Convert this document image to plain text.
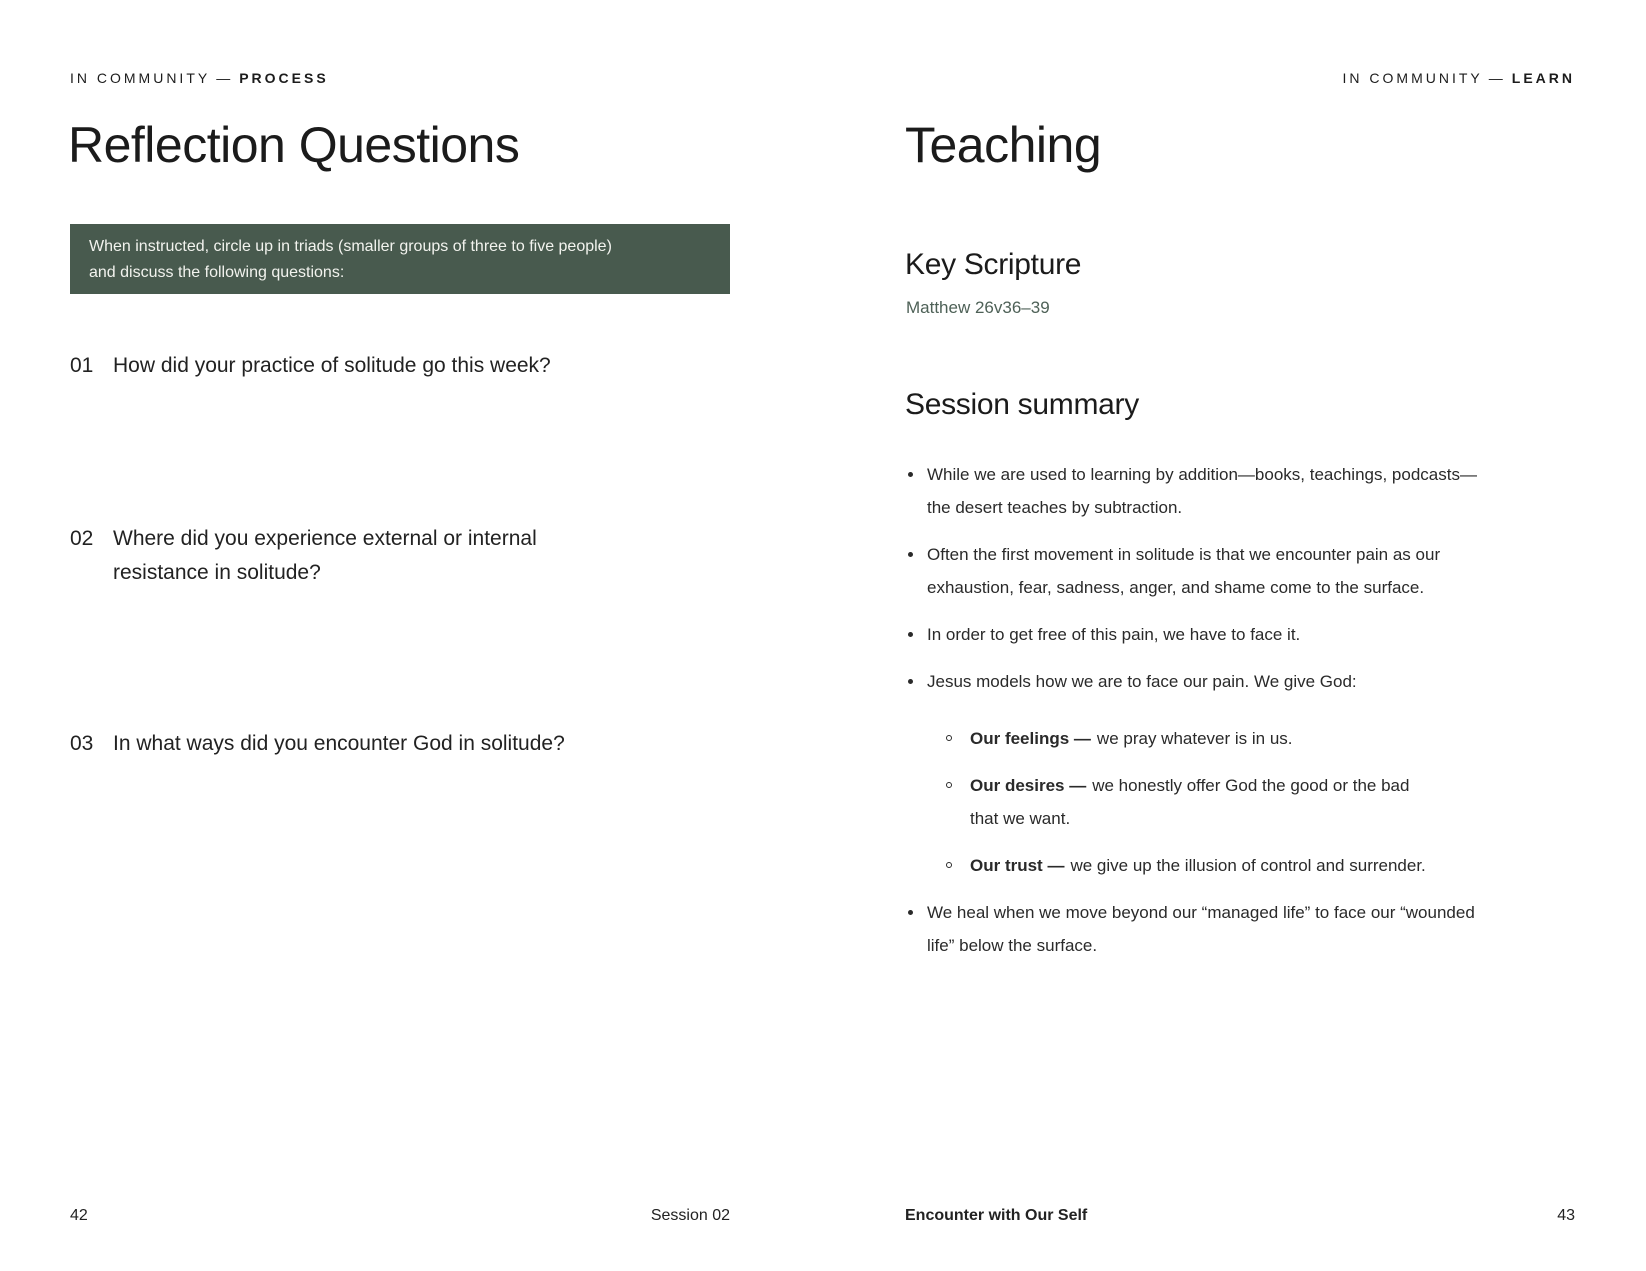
IN COMMUNITY — PROCESS
Reflection Questions
When instructed, circle up in triads (smaller groups of three to five people)
and discuss the following questions:
01 How did your practice of solitude go this week?
02 Where did you experience external or internal
resistance in solitude?
03 In what ways did you encounter God in solitude?
42	Session 02
IN COMMUNITY — LEARN
Teaching
Key Scripture
Matthew 26v36–39
Session summary
While we are used to learning by addition—books, teachings, podcasts—
the desert teaches by subtraction.
Often the first movement in solitude is that we encounter pain as our
exhaustion, fear, sadness, anger, and shame come to the surface.
In order to get free of this pain, we have to face it.
Jesus models how we are to face our pain. We give God:
Our feelings — we pray whatever is in us.
Our desires — we honestly offer God the good or the bad
that we want.
Our trust — we give up the illusion of control and surrender.
We heal when we move beyond our “managed life” to face our “wounded
life” below the surface.
Encounter with Our Self	43
